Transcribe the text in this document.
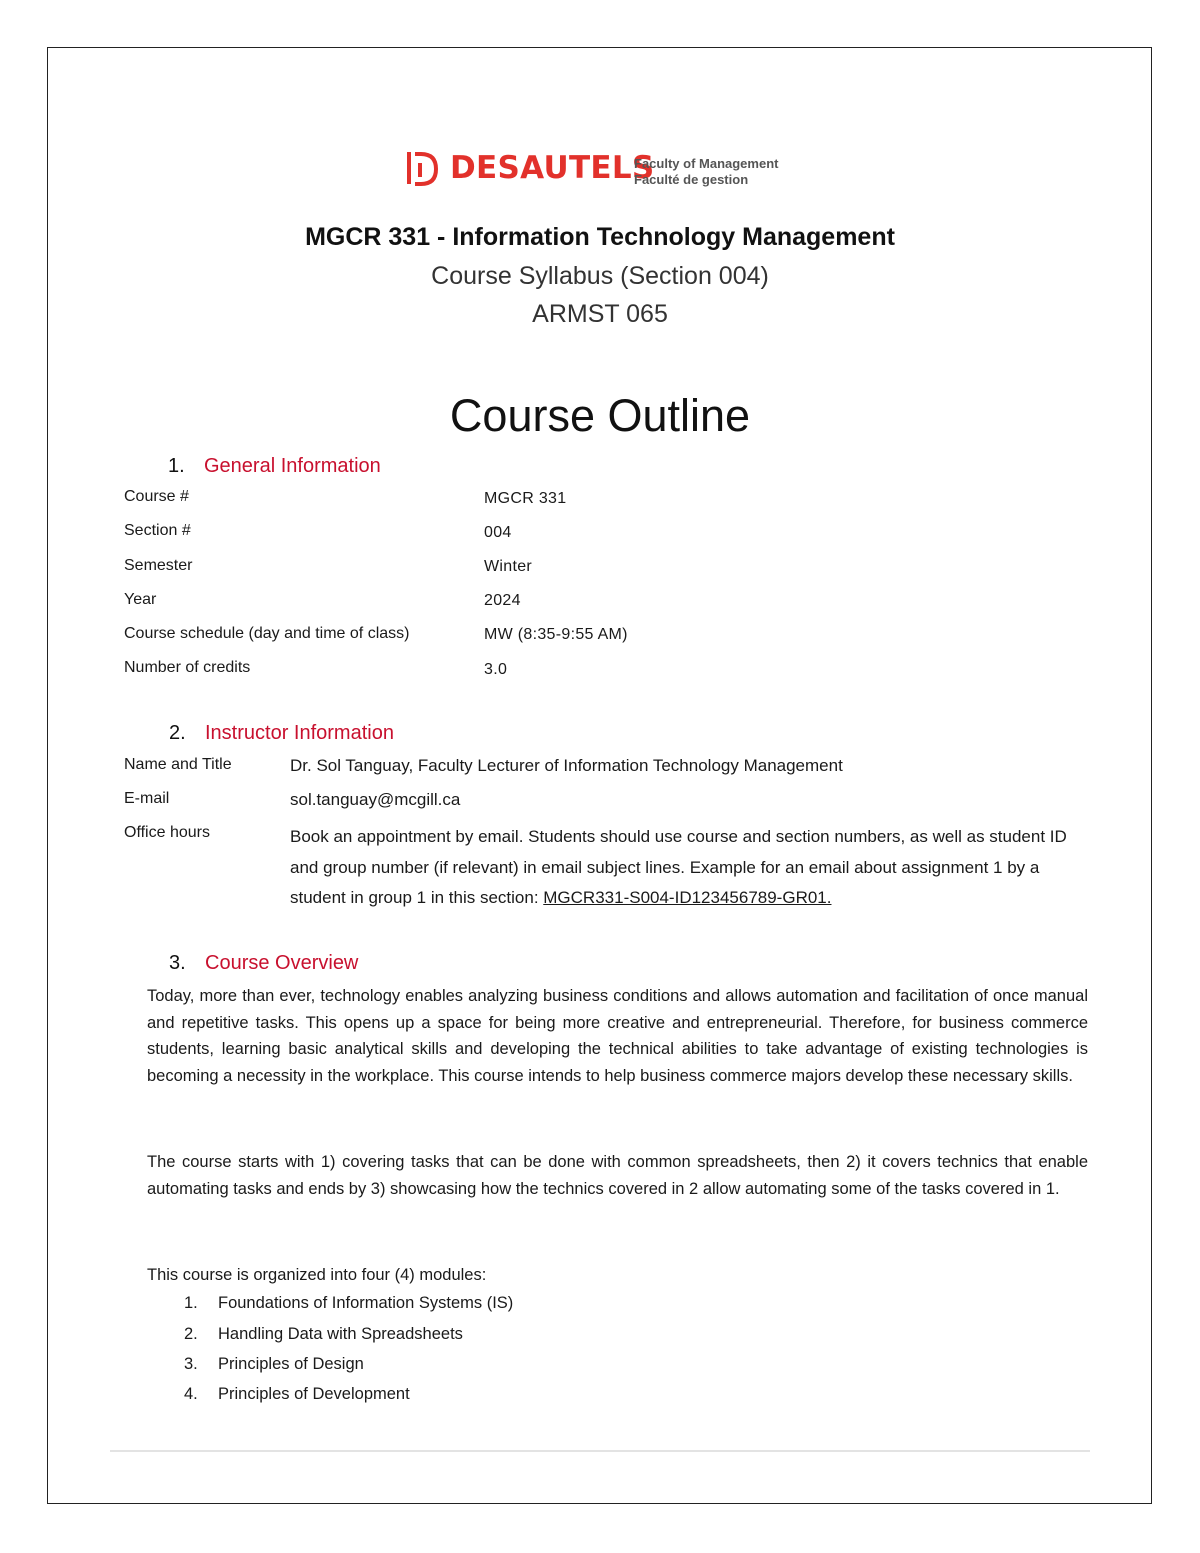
DESAUTELS
Faculty of Management
Faculté de gestion
MGCR 331 - Information Technology Management
Course Syllabus (Section 004)
ARMST 065
Course Outline
1. General Information
Course #	MGCR 331
Section #	004
Semester	Winter
Year	2024
Course schedule (day and time of class)	MW (8:35-9:55 AM)
Number of credits	3.0
2. Instructor Information
Name and Title	Dr. Sol Tanguay, Faculty Lecturer of Information Technology Management
E-mail	sol.tanguay@mcgill.ca
Office hours	Book an appointment by email. Students should use course and section numbers, as well as student ID and group number (if relevant) in email subject lines. Example for an email about assignment 1 by a student in group 1 in this section: MGCR331-S004-ID123456789-GR01.
3. Course Overview
Today, more than ever, technology enables analyzing business conditions and allows automation and facilitation of once manual and repetitive tasks. This opens up a space for being more creative and entrepreneurial. Therefore, for business commerce students, learning basic analytical skills and developing the technical abilities to take advantage of existing technologies is becoming a necessity in the workplace. This course intends to help business commerce majors develop these necessary skills.
The course starts with 1) covering tasks that can be done with common spreadsheets, then 2) it covers technics that enable automating tasks and ends by 3) showcasing how the technics covered in 2 allow automating some of the tasks covered in 1.
This course is organized into four (4) modules:
1. Foundations of Information Systems (IS)
2. Handling Data with Spreadsheets
3. Principles of Design
4. Principles of Development
